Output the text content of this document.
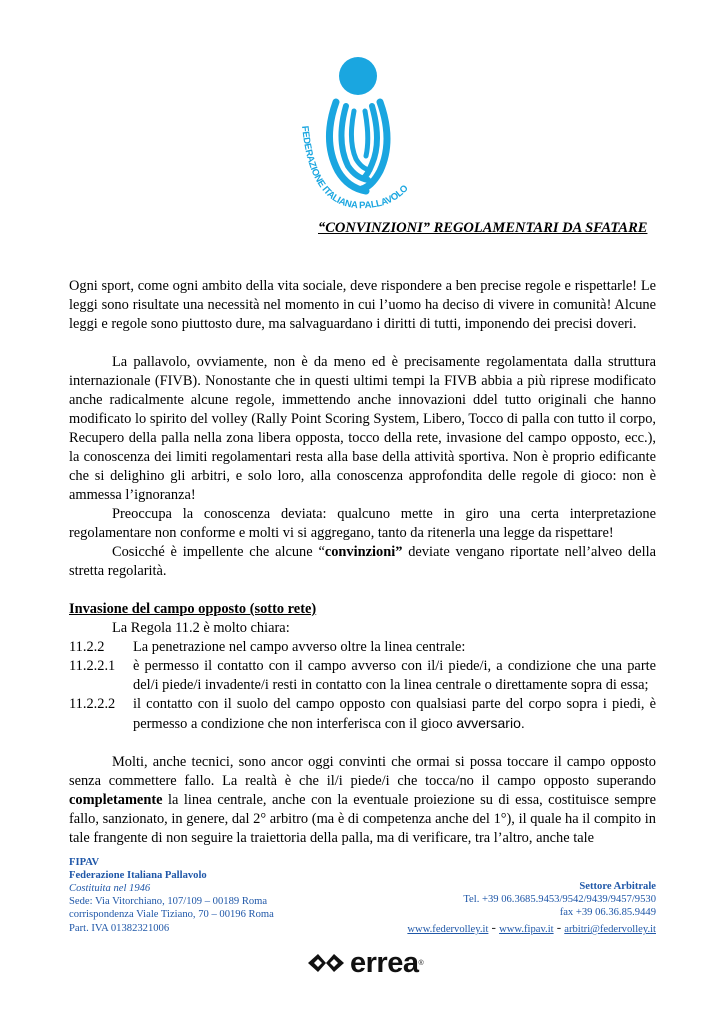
FEDERAZIONE ITALIANA PALLAVOLO
“CONVINZIONI” REGOLAMENTARI DA SFATARE

Ogni sport, come ogni ambito della vita sociale, deve rispondere a ben precise regole e rispettarle! Le leggi sono risultate una necessità nel momento in cui l’uomo ha deciso di vivere in comunità! Alcune leggi e regole sono piuttosto dure, ma salvaguardano i diritti di tutti, imponendo dei precisi doveri.

La pallavolo, ovviamente, non è da meno ed è precisamente regolamentata dalla struttura internazionale (FIVB). Nonostante che in questi ultimi tempi la FIVB abbia a più riprese modificato anche radicalmente alcune regole, immettendo anche innovazioni ddel tutto originali che hanno modificato lo spirito del volley (Rally Point Scoring System, Libero, Tocco di palla con tutto il corpo, Recupero della palla nella zona libera opposta, tocco della rete, invasione del campo opposto, ecc.), la conoscenza dei limiti regolamentari resta alla base della attività sportiva. Non è proprio edificante che si delighino gli arbitri, e solo loro, alla conoscenza approfondita delle regole di gioco: non è ammessa l’ignoranza!

Preoccupa la conoscenza deviata: qualcuno mette in giro una certa interpretazione regolamentare non conforme e molti vi si aggregano, tanto da ritenerla una legge da rispettare!

Cosicché è impellente che alcune “convinzioni” deviate vengano riportate nell’alveo della stretta regolarità.

Invasione del campo opposto (sotto rete)

La Regola 11.2 è molto chiara:

11.2.2	La penetrazione nel campo avverso oltre la linea centrale:
11.2.2.1	è permesso il contatto con il campo avverso con il/i piede/i, a condizione che una parte del/i piede/i invadente/i resti in contatto con la linea centrale o direttamente sopra di essa;
11.2.2.2	il contatto con il suolo del campo opposto con qualsiasi parte del corpo sopra i piedi, è permesso a condizione che non interferisca con il gioco avversario.

Molti, anche tecnici, sono ancor oggi convinti che ormai si possa toccare il campo opposto senza commettere fallo. La realtà è che il/i piede/i che tocca/no il campo opposto superando completamente la linea centrale, anche con la eventuale proiezione su di essa, costituisce sempre fallo, sanzionato, in genere, dal 2° arbitro (ma è di competenza anche del 1°), il quale ha il compito in tale frangente di non seguire la traiettoria della palla, ma di verificare, tra l’altro, anche tale

FIPAV
Federazione Italiana Pallavolo
Costituita nel 1946
Sede: Via Vitorchiano, 107/109 – 00189 Roma
corrispondenza Viale Tiziano, 70 – 00196 Roma
Part. IVA 01382321006
Settore Arbitrale
Tel. +39 06.3685.9453/9542/9439/9457/9530
fax +39 06.36.85.9449
www.federvolley.it - www.fipav.it - arbitri@federvolley.it
errea ®
